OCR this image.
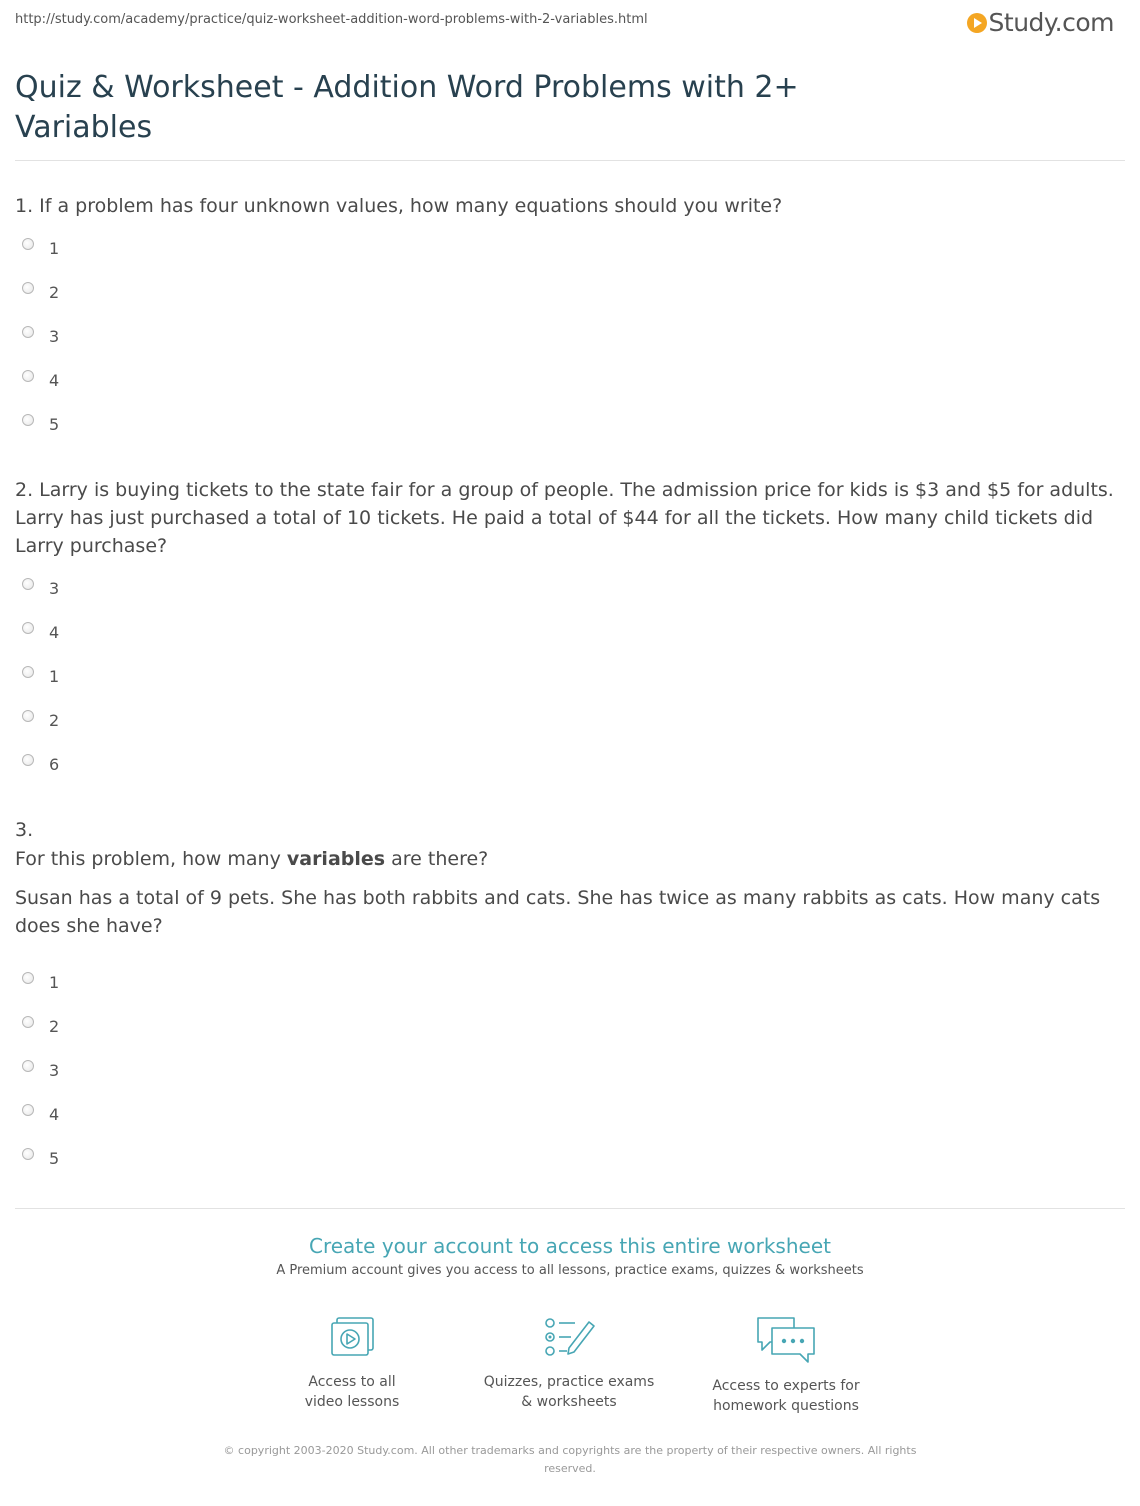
http://study.com/academy/practice/quiz-worksheet-addition-word-problems-with-2-variables.html	Study.com
Quiz & Worksheet - Addition Word Problems with 2+ Variables

1. If a problem has four unknown values, how many equations should you write?

1
2
3
4
5

2. Larry is buying tickets to the state fair for a group of people. The admission price for kids is $3 and $5 for adults. Larry has just purchased a total of 10 tickets. He paid a total of $44 for all the tickets. How many child tickets did Larry purchase?

3
4
1
2
6

3.

For this problem, how many variables are there?

Susan has a total of 9 pets. She has both rabbits and cats. She has twice as many rabbits as cats. How many cats does she have?

1
2
3
4
5
Create your account to access this entire worksheet
A Premium account gives you access to all lessons, practice exams, quizzes & worksheets
Access to all
video lessons
Quizzes, practice exams
& worksheets
Access to experts for
homework questions
© copyright 2003-2020 Study.com. All other trademarks and copyrights are the property of their respective owners. All rights reserved.
